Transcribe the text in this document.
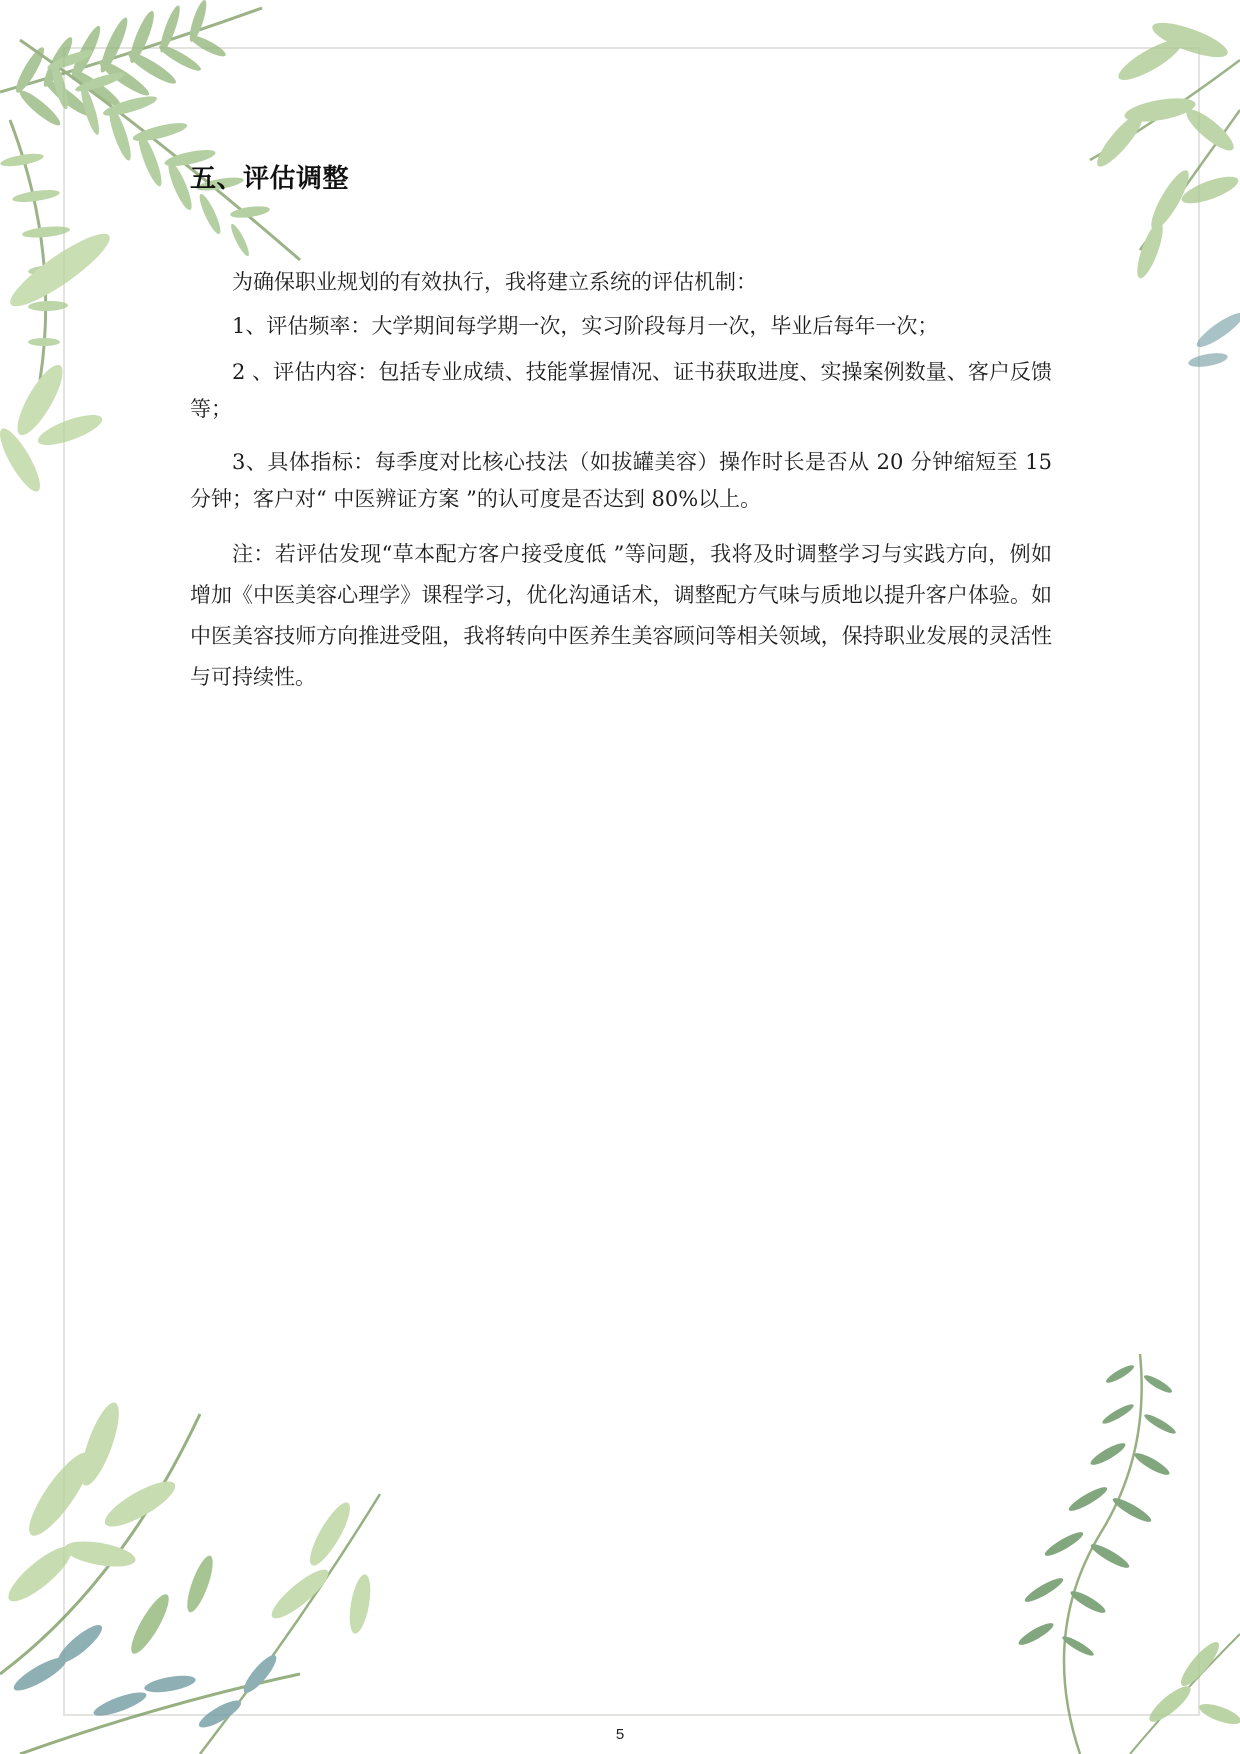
五、评估调整

为确保职业规划的有效执行，我将建立系统的评估机制：

1、评估频率：大学期间每学期一次，实习阶段每月一次，毕业后每年一次；

2 、评估内容：包括专业成绩、技能掌握情况、证书获取进度、实操案例数量、客户反馈等；

3、具体指标：每季度对比核心技法（如拔罐美容）操作时长是否从 20 分钟缩短至 15 分钟；客户对“ 中医辨证方案 ”的认可度是否达到 80%以上。

注：若评估发现“草本配方客户接受度低 ”等问题，我将及时调整学习与实践方向，例如增加《中医美容心理学》课程学习，优化沟通话术，调整配方气味与质地以提升客户体验。如中医美容技师方向推进受阻，我将转向中医养生美容顾问等相关领域，保持职业发展的灵活性与可持续性。

5
